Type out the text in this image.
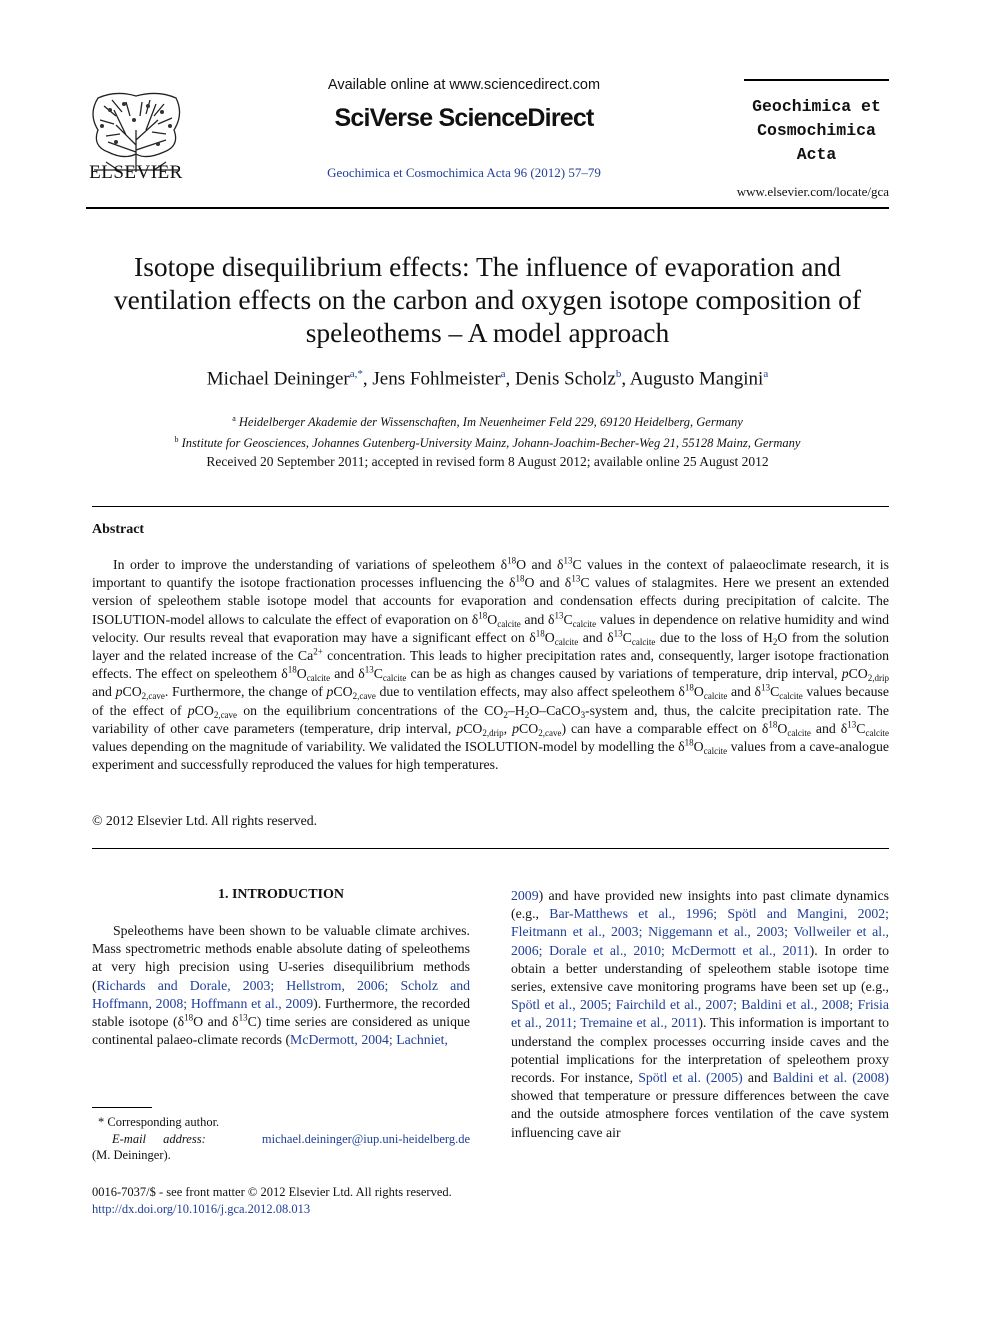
ELSEVIER
Available online at www.sciencedirect.com
SciVerse ScienceDirect
Geochimica et Cosmochimica Acta 96 (2012) 57–79
Geochimica et
Cosmochimica
Acta
www.elsevier.com/locate/gca
Isotope disequilibrium effects: The influence of evaporation and ventilation effects on the carbon and oxygen isotope composition of speleothems – A model approach
Michael Deininger$^{a,*}$, Jens Fohlmeister$^a$, Denis Scholz$^b$, Augusto Mangini$^a$
$^a$ Heidelberger Akademie der Wissenschaften, Im Neuenheimer Feld 229, 69120 Heidelberg, Germany
$^b$ Institute for Geosciences, Johannes Gutenberg-University Mainz, Johann-Joachim-Becher-Weg 21, 55128 Mainz, Germany
Received 20 September 2011; accepted in revised form 8 August 2012; available online 25 August 2012
Abstract

In order to improve the understanding of variations of speleothem $\delta^{18}O$ and $\delta^{13}C$ values in the context of palaeoclimate research, it is important to quantify the isotope fractionation processes influencing the $\delta^{18}O$ and $\delta^{13}C$ values of stalagmites. Here we present an extended version of speleothem stable isotope model that accounts for evaporation and condensation effects during precipitation of calcite. The ISOLUTION-model allows to calculate the effect of evaporation on $\delta^{18}O_{calcite}$ and $\delta^{13}C_{calcite}$ values in dependence on relative humidity and wind velocity. Our results reveal that evaporation may have a significant effect on $\delta^{18}O_{calcite}$ and $\delta^{13}C_{calcite}$ due to the loss of $H_2O$ from the solution layer and the related increase of the $Ca^{2+}$ concentration. This leads to higher precipitation rates and, consequently, larger isotope fractionation effects. The effect on speleothem $\delta^{18}O_{calcite}$ and $\delta^{13}C_{calcite}$ can be as high as changes caused by variations of temperature, drip interval, pCO$_{2,drip}$ and pCO$_{2,cave}$. Furthermore, the change of pCO$_{2,cave}$ due to ventilation effects, may also affect speleothem $\delta^{18}O_{calcite}$ and $\delta^{13}C_{calcite}$ values because of the effect of pCO$_{2,cave}$ on the equilibrium concentrations of the $CO_2-H_2O-CaCO_3$-system and, thus, the calcite precipitation rate. The variability of other cave parameters (temperature, drip interval, pCO$_{2,drip}$, pCO$_{2,cave}$) can have a comparable effect on $\delta^{18}O_{calcite}$ and $\delta^{13}C_{calcite}$ values depending on the magnitude of variability. We validated the ISOLUTION-model by modelling the $\delta^{18}O_{calcite}$ values from a cave-analogue experiment and successfully reproduced the values for high temperatures.

© 2012 Elsevier Ltd. All rights reserved.
1. INTRODUCTION

Speleothems have been shown to be valuable climate archives. Mass spectrometric methods enable absolute dating of speleothems at very high precision using U-series disequilibrium methods (Richards and Dorale, 2003; Hellstrom, 2006; Scholz and Hoffmann, 2008; Hoffmann et al., 2009). Furthermore, the recorded stable isotope ($\delta^{18}O$ and $\delta^{13}C$) time series are considered as unique continental palaeo-climate records (McDermott, 2004; Lachniet,

2009) and have provided new insights into past climate dynamics (e.g., Bar-Matthews et al., 1996; Spötl and Mangini, 2002; Fleitmann et al., 2003; Niggemann et al., 2003; Vollweiler et al., 2006; Dorale et al., 2010; McDermott et al., 2011). In order to obtain a better understanding of speleothem stable isotope time series, extensive cave monitoring programs have been set up (e.g., Spötl et al., 2005; Fairchild et al., 2007; Baldini et al., 2008; Frisia et al., 2011; Tremaine et al., 2011). This information is important to understand the complex processes occurring inside caves and the potential implications for the interpretation of speleothem proxy records. For instance, Spötl et al. (2005) and Baldini et al. (2008) showed that temperature or pressure differences between the cave and the outside atmosphere forces ventilation of the cave system influencing cave air

* Corresponding author.
E-mail address:	michael.deininger@iup.uni-heidelberg.de
(M. Deininger).
0016-7037/$ - see front matter © 2012 Elsevier Ltd. All rights reserved.
http://dx.doi.org/10.1016/j.gca.2012.08.013
